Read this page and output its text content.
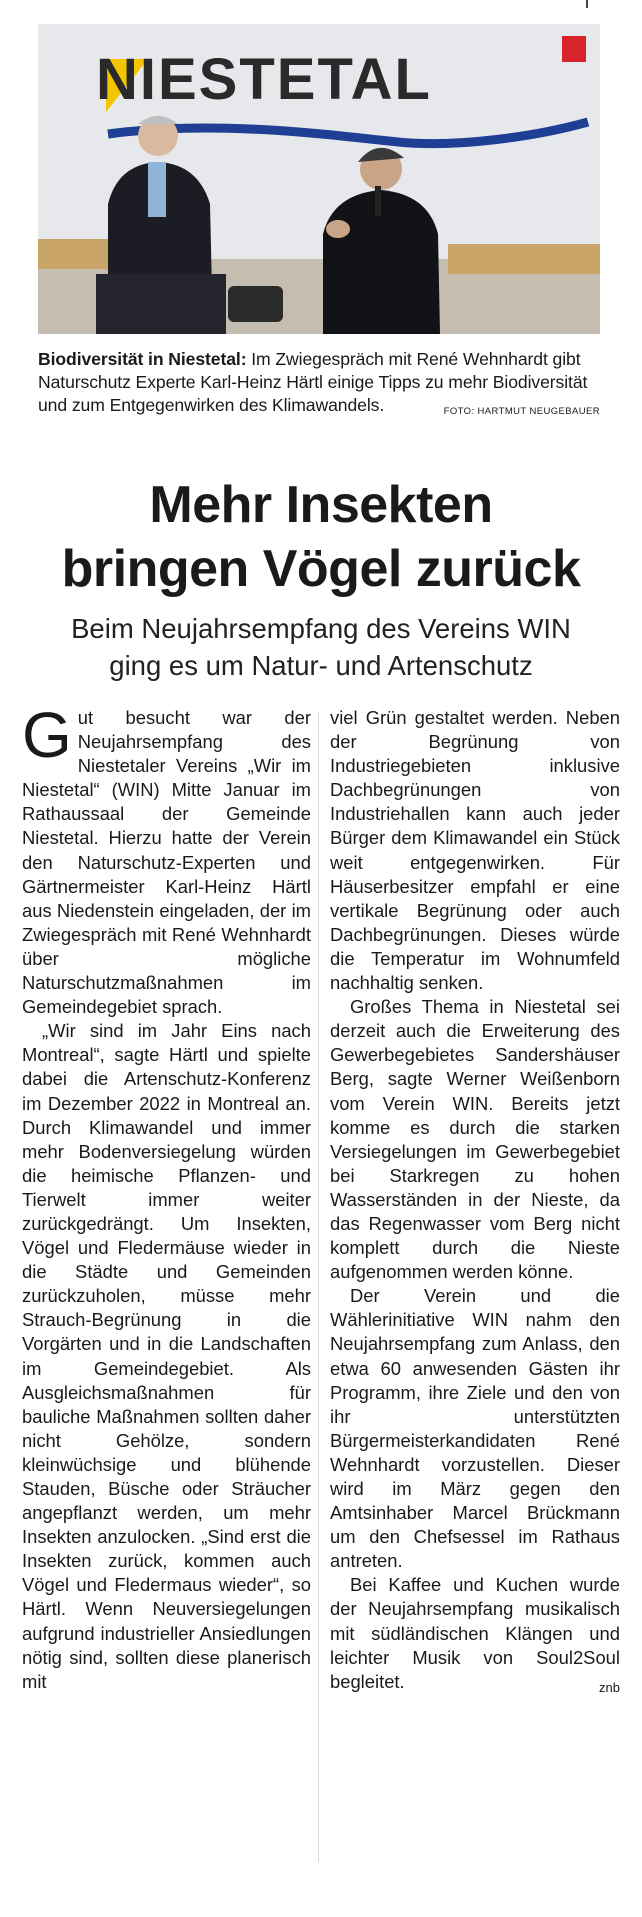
NIESTETAL
Biodiversität in Niestetal: Im Zwiegespräch mit René Wehnhardt gibt Naturschutz Experte Karl-Heinz Härtl einige Tipps zu mehr Biodiversität und zum Entgegenwirken des Klimawandels.	FOTO: HARTMUT NEUGEBAUER
Mehr Insekten
bringen Vögel zurück
Beim Neujahrsempfang des Vereins WIN
ging es um Natur- und Artenschutz

Gut besucht war der Neujahrsempfang des Niestetaler Vereins „Wir im Niestetal“ (WIN) Mitte Januar im Rathaussaal der Gemeinde Niestetal. Hierzu hatte der Verein den Naturschutz-Experten und Gärtnermeister Karl-Heinz Härtl aus Niedenstein eingeladen, der im Zwiegespräch mit René Wehnhardt über mögliche Naturschutzmaßnahmen im Gemeindegebiet sprach.

„Wir sind im Jahr Eins nach Montreal“, sagte Härtl und spielte dabei die Artenschutz-Konferenz im Dezember 2022 in Montreal an. Durch Klimawandel und immer mehr Bodenversiegelung würden die heimische Pflanzen- und Tierwelt immer weiter zurückgedrängt. Um Insekten, Vögel und Fledermäuse wieder in die Städte und Gemeinden zurückzuholen, müsse mehr Strauch-Begrünung in die Vorgärten und in die Landschaften im Gemeindegebiet. Als Ausgleichsmaßnahmen für bauliche Maßnahmen sollten daher nicht Gehölze, sondern kleinwüchsige und blühende Stauden, Büsche oder Sträucher angepflanzt werden, um mehr Insekten anzulocken. „Sind erst die Insekten zurück, kommen auch Vögel und Fledermaus wieder“, so Härtl. Wenn Neuversiegelungen aufgrund industrieller Ansiedlungen nötig sind, sollten diese planerisch mit

viel Grün gestaltet werden. Neben der Begrünung von Industriegebieten inklusive Dachbegrünungen von Industriehallen kann auch jeder Bürger dem Klimawandel ein Stück weit entgegenwirken. Für Häuserbesitzer empfahl er eine vertikale Begrünung oder auch Dachbegrünungen. Dieses würde die Temperatur im Wohnumfeld nachhaltig senken.

Großes Thema in Niestetal sei derzeit auch die Erweiterung des Gewerbegebietes Sandershäuser Berg, sagte Werner Weißenborn vom Verein WIN. Bereits jetzt komme es durch die starken Versiegelungen im Gewerbegebiet bei Starkregen zu hohen Wasserständen in der Nieste, da das Regenwasser vom Berg nicht komplett durch die Nieste aufgenommen werden könne.

Der Verein und die Wählerinitiative WIN nahm den Neujahrsempfang zum Anlass, den etwa 60 anwesenden Gästen ihr Programm, ihre Ziele und den von ihr unterstützten Bürgermeisterkandidaten René Wehnhardt vorzustellen. Dieser wird im März gegen den Amtsinhaber Marcel Brückmann um den Chefsessel im Rathaus antreten.

Bei Kaffee und Kuchen wurde der Neujahrsempfang musikalisch mit südländischen Klängen und leichter Musik von Soul2Soul begleitet.	znb
